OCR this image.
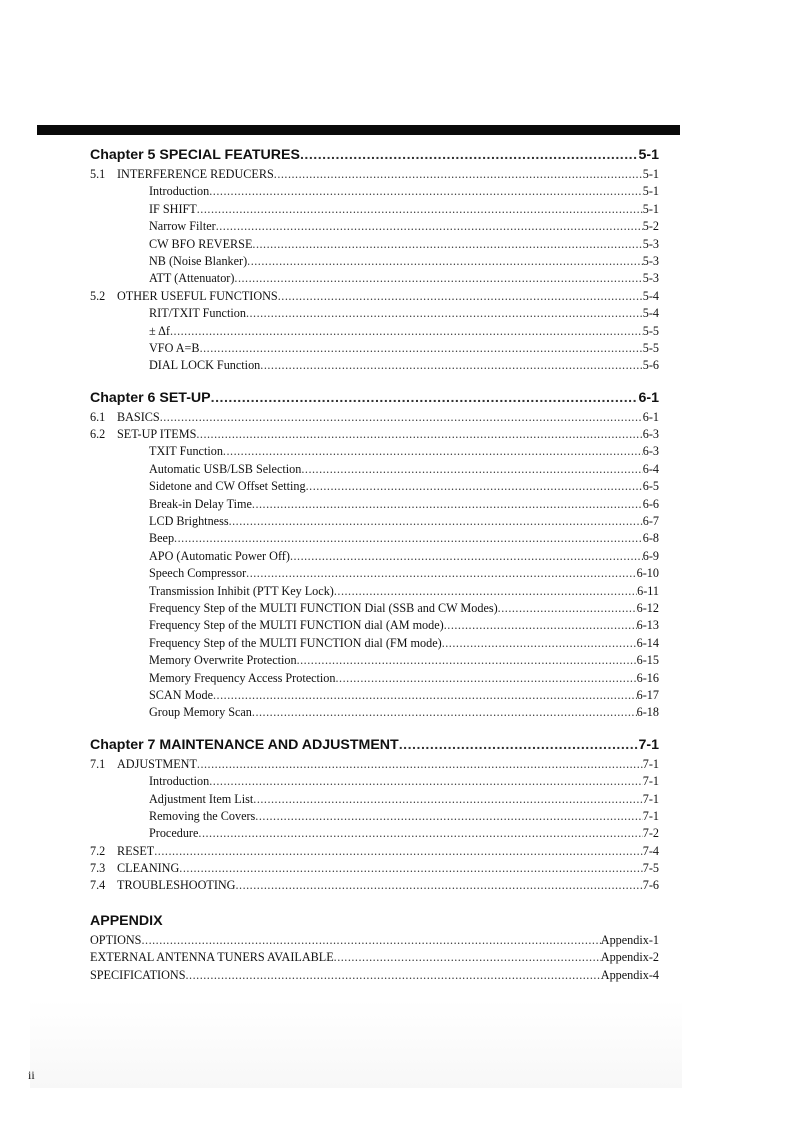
Chapter 5 SPECIAL FEATURES .....	5-1
5.1 INTERFERENCE REDUCERS .....	5-1
Introduction .....	5-1
IF SHIFT .....	5-1
Narrow Filter .....	5-2
CW BFO REVERSE .....	5-3
NB (Noise Blanker) .....	5-3
ATT (Attenuator) .....	5-3
5.2 OTHER USEFUL FUNCTIONS .....	5-4
RIT/TXIT Function .....	5-4
± Δf .....	5-5
VFO A=B .....	5-5
DIAL LOCK Function .....	5-6
Chapter 6 SET-UP .....	6-1
6.1 BASICS .....	6-1
6.2 SET-UP ITEMS .....	6-3
TXIT Function .....	6-3
Automatic USB/LSB Selection .....	6-4
Sidetone and CW Offset Setting .....	6-5
Break-in Delay Time .....	6-6
LCD Brightness .....	6-7
Beep .....	6-8
APO (Automatic Power Off) .....	6-9
Speech Compressor .....	6-10
Transmission Inhibit (PTT Key Lock) .....	6-11
Frequency Step of the MULTI FUNCTION Dial (SSB and CW Modes) .....	6-12
Frequency Step of the MULTI FUNCTION dial (AM mode) .....	6-13
Frequency Step of the MULTI FUNCTION dial (FM mode) .....	6-14
Memory Overwrite Protection .....	6-15
Memory Frequency Access Protection .....	6-16
SCAN Mode .....	6-17
Group Memory Scan .....	6-18
Chapter 7 MAINTENANCE AND ADJUSTMENT .....	7-1
7.1 ADJUSTMENT .....	7-1
Introduction .....	7-1
Adjustment Item List .....	7-1
Removing the Covers .....	7-1
Procedure .....	7-2
7.2 RESET .....	7-4
7.3 CLEANING .....	7-5
7.4 TROUBLESHOOTING .....	7-6
APPENDIX
OPTIONS .....	Appendix-1
EXTERNAL ANTENNA TUNERS AVAILABLE .....	Appendix-2
SPECIFICATIONS .....	Appendix-4
ii
